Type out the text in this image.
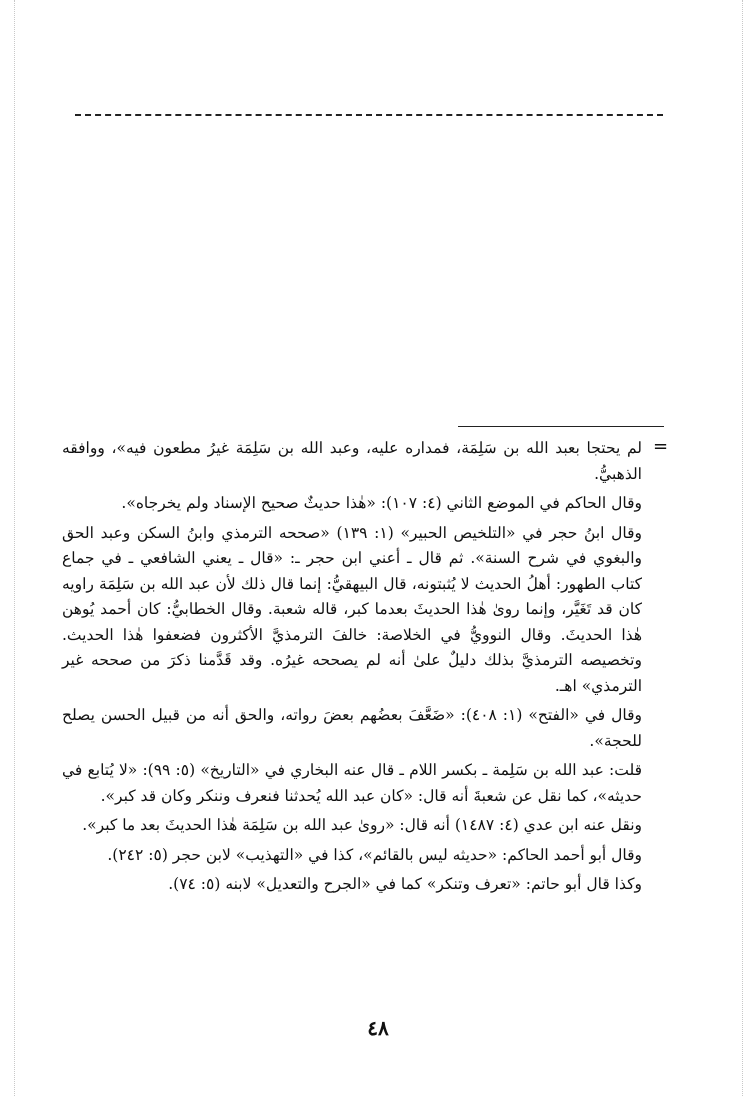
=

لم يحتجا بعبد الله بن سَلِمَة، فمداره عليه، وعبد الله بن سَلِمَة غيرُ مطعون فيه»، ووافقه الذهبيُّ.

وقال الحاكم في الموضع الثاني (٤: ١٠٧): «هٰذا حديثٌ صحيح الإسناد ولم يخرجاه».

وقال ابنُ حجر في «التلخيص الحبير» (١: ١٣٩) «صححه الترمذي وابنُ السكن وعبد الحق والبغوي في شرح السنة». ثم قال ـ أعني ابن حجر ـ: «قال ـ يعني الشافعي ـ في جماع كتاب الطهور: أهلُ الحديث لا يُثبتونه، قال البيهقيُّ: إنما قال ذلك لأن عبد الله بن سَلِمَة راويه كان قد تَغَيَّر، وإنما روىٰ هٰذا الحديثَ بعدما كبر، قاله شعبة. وقال الخطابيُّ: كان أحمد يُوهن هٰذا الحديثَ. وقال النوويُّ في الخلاصة: خالفَ الترمذيَّ الأكثرون فضعفوا هٰذا الحديث. وتخصيصه الترمذيَّ بذلك دليلٌ علىٰ أنه لم يصححه غيرُه. وقد قَدَّمنا ذكرَ من صححه غير الترمذي» اهـ.

وقال في «الفتح» (١: ٤٠٨): «ضَعَّفَ بعضُهم بعضَ رواته، والحق أنه من قبيل الحسن يصلح للحجة».

قلت: عبد الله بن سَلِمة ـ بكسر اللام ـ قال عنه البخاري في «التاريخ» (٥: ٩٩): «لا يُتابع في حديثه»، كما نقل عن شعبةَ أنه قال: «كان عبد الله يُحدثنا فنعرف وننكر وكان قد كبر».

ونقل عنه ابن عدي (٤: ١٤٨٧) أنه قال: «روىٰ عبد الله بن سَلِمَة هٰذا الحديثَ بعد ما كبر».

وقال أبو أحمد الحاكم: «حديثه ليس بالقائم»، كذا في «التهذيب» لابن حجر (٥: ٢٤٢).

وكذا قال أبو حاتم: «تعرف وتنكر» كما في «الجرح والتعديل» لابنه (٥: ٧٤).

٤٨
